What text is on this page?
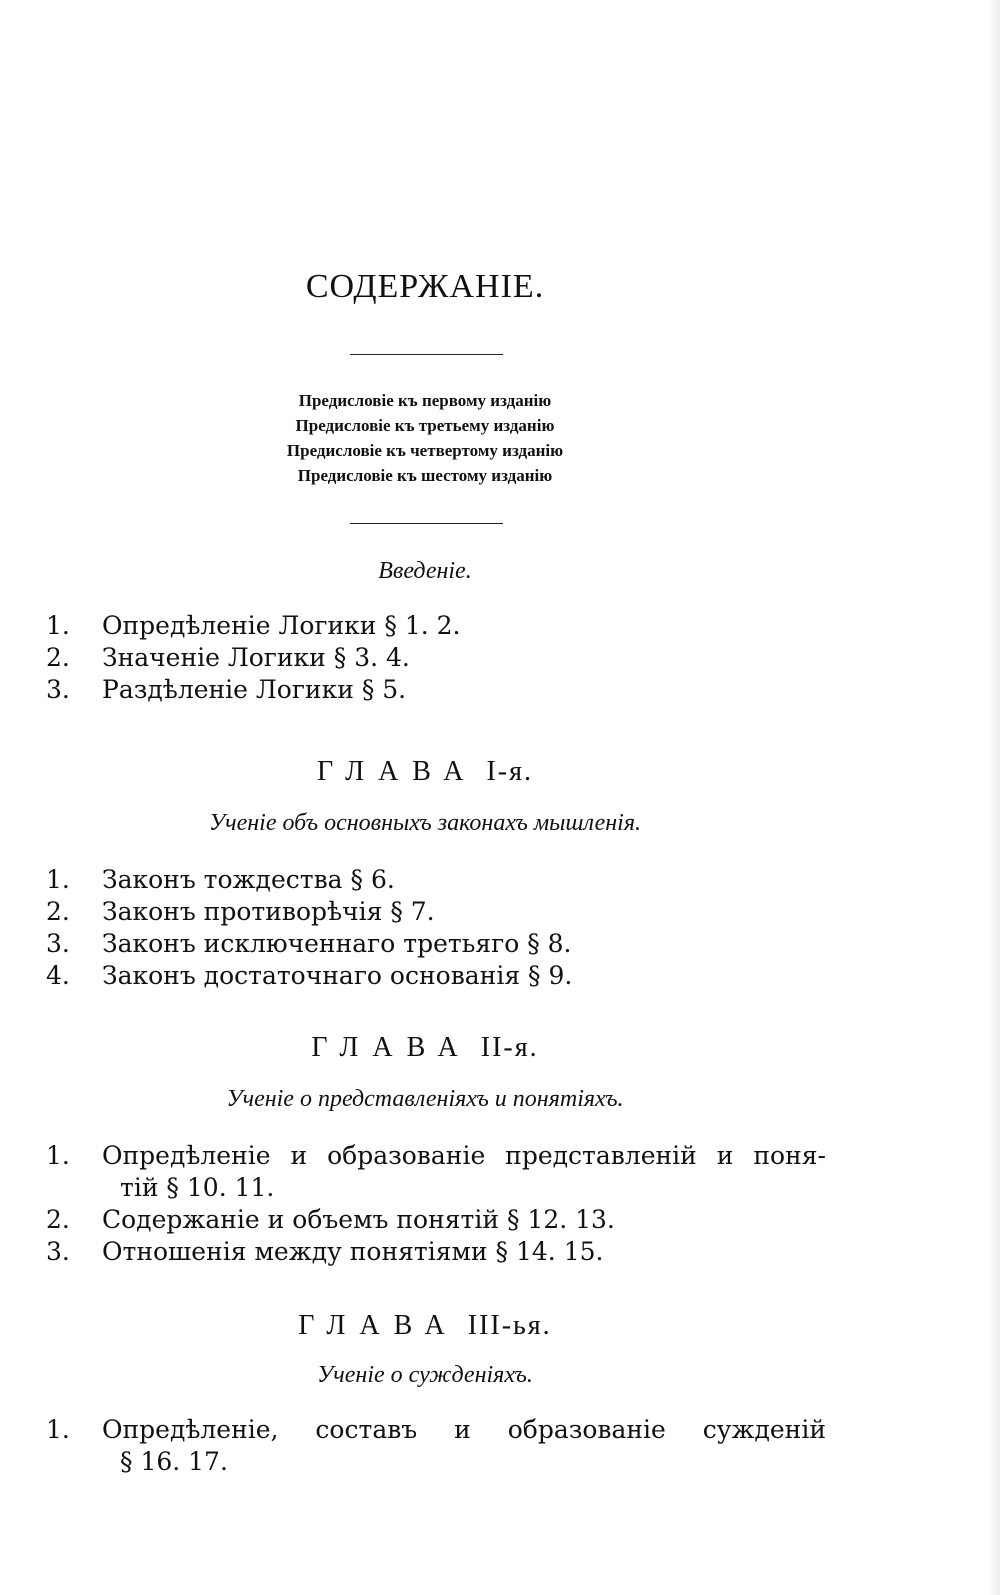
СОДЕРЖАНІЕ.
Предисловіе къ первому изданію
Предисловіе къ третьему изданію
Предисловіе къ четвертому изданію
Предисловіе къ шестому изданію
Введеніе.
1.	Опредѣленіе Логики § 1. 2.
2.	Значеніе Логики § 3. 4.
3.	Раздѣленіе Логики § 5.
ГЛАВА I-я.
Ученіе объ основныхъ законахъ мышленія.
1.	Законъ тождества § 6.
2.	Законъ противорѣчія § 7.
3.	Законъ исключеннаго третьяго § 8.
4.	Законъ достаточнаго основанія § 9.
ГЛАВА II-я.
Ученіе о представленіяхъ и понятіяхъ.
1.	Опредѣленіе и образованіе представленій и поня-
тій § 10. 11.
2.	Содержаніе и объемъ понятій § 12. 13.
3.	Отношенія между понятіями § 14. 15.
ГЛАВА III-ья.
Ученіе о сужденіяхъ.
1.	Опредѣленіе, составъ и образованіе сужденій
§ 16. 17.
